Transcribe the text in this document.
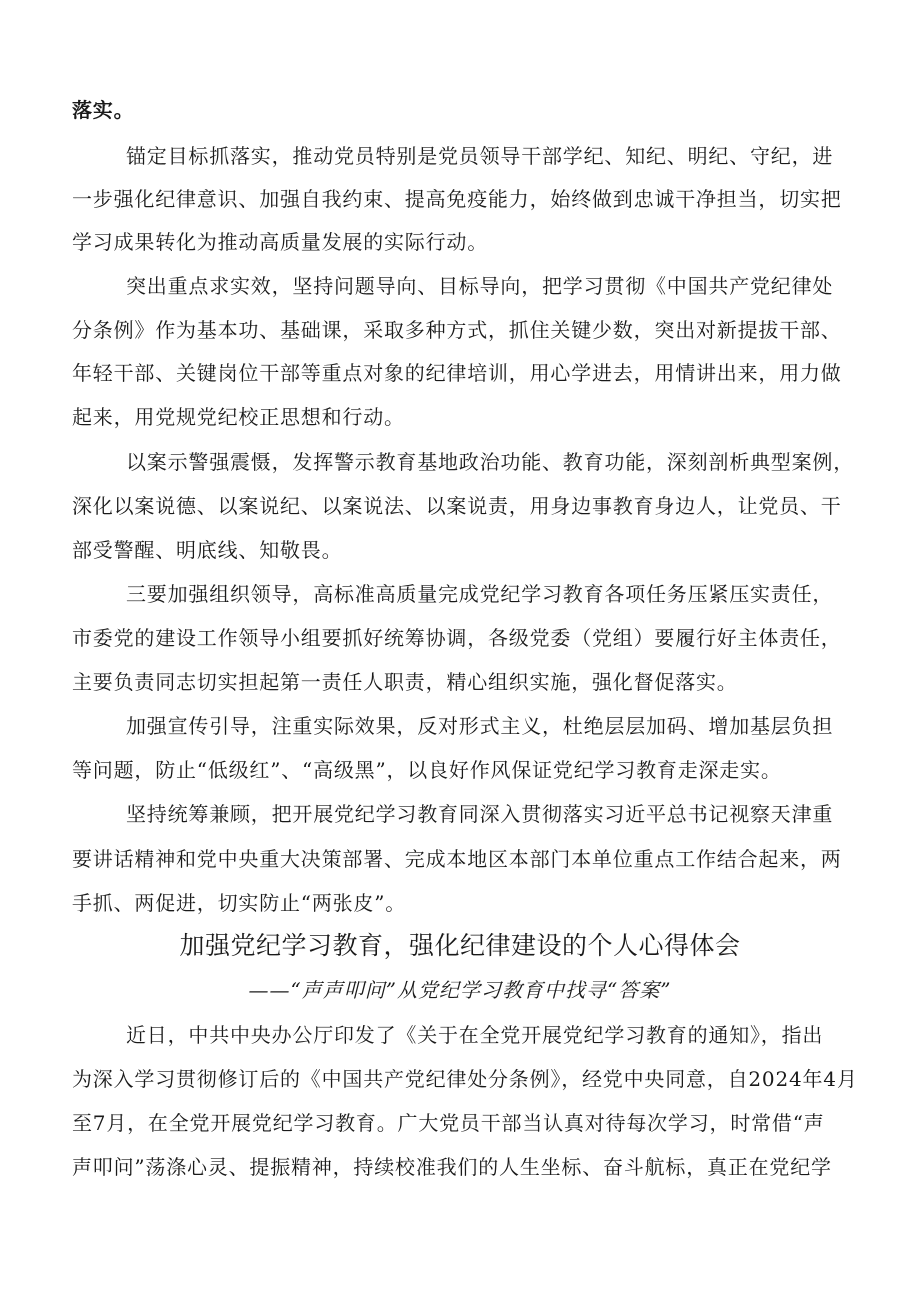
落实。
锚定目标抓落实，推动党员特别是党员领导干部学纪、知纪、明纪、守纪，进
一步强化纪律意识、加强自我约束、提高免疫能力，始终做到忠诚干净担当，切实把
学习成果转化为推动高质量发展的实际行动。
突出重点求实效，坚持问题导向、目标导向，把学习贯彻《中国共产党纪律处
分条例》作为基本功、基础课，采取多种方式，抓住关键少数，突出对新提拔干部、
年轻干部、关键岗位干部等重点对象的纪律培训，用心学进去，用情讲出来，用力做
起来，用党规党纪校正思想和行动。
以案示警强震慑，发挥警示教育基地政治功能、教育功能，深刻剖析典型案例，
深化以案说德、以案说纪、以案说法、以案说责，用身边事教育身边人，让党员、干
部受警醒、明底线、知敬畏。
三要加强组织领导，高标准高质量完成党纪学习教育各项任务压紧压实责任，
市委党的建设工作领导小组要抓好统筹协调，各级党委（党组）要履行好主体责任，
主要负责同志切实担起第一责任人职责，精心组织实施，强化督促落实。
加强宣传引导，注重实际效果，反对形式主义，杜绝层层加码、增加基层负担
等问题，防止“低级红”、“高级黑”，以良好作风保证党纪学习教育走深走实。
坚持统筹兼顾，把开展党纪学习教育同深入贯彻落实习近平总书记视察天津重
要讲话精神和党中央重大决策部署、完成本地区本部门本单位重点工作结合起来，两
手抓、两促进，切实防止“两张皮”。
加强党纪学习教育，强化纪律建设的个人心得体会
——“声声叩问”从党纪学习教育中找寻“答案”
近日，中共中央办公厅印发了《关于在全党开展党纪学习教育的通知》，指出
为深入学习贯彻修订后的《中国共产党纪律处分条例》，经党中央同意，自2024年4月
至7月，在全党开展党纪学习教育。广大党员干部当认真对待每次学习，时常借“声
声叩问”荡涤心灵、提振精神，持续校准我们的人生坐标、奋斗航标，真正在党纪学
